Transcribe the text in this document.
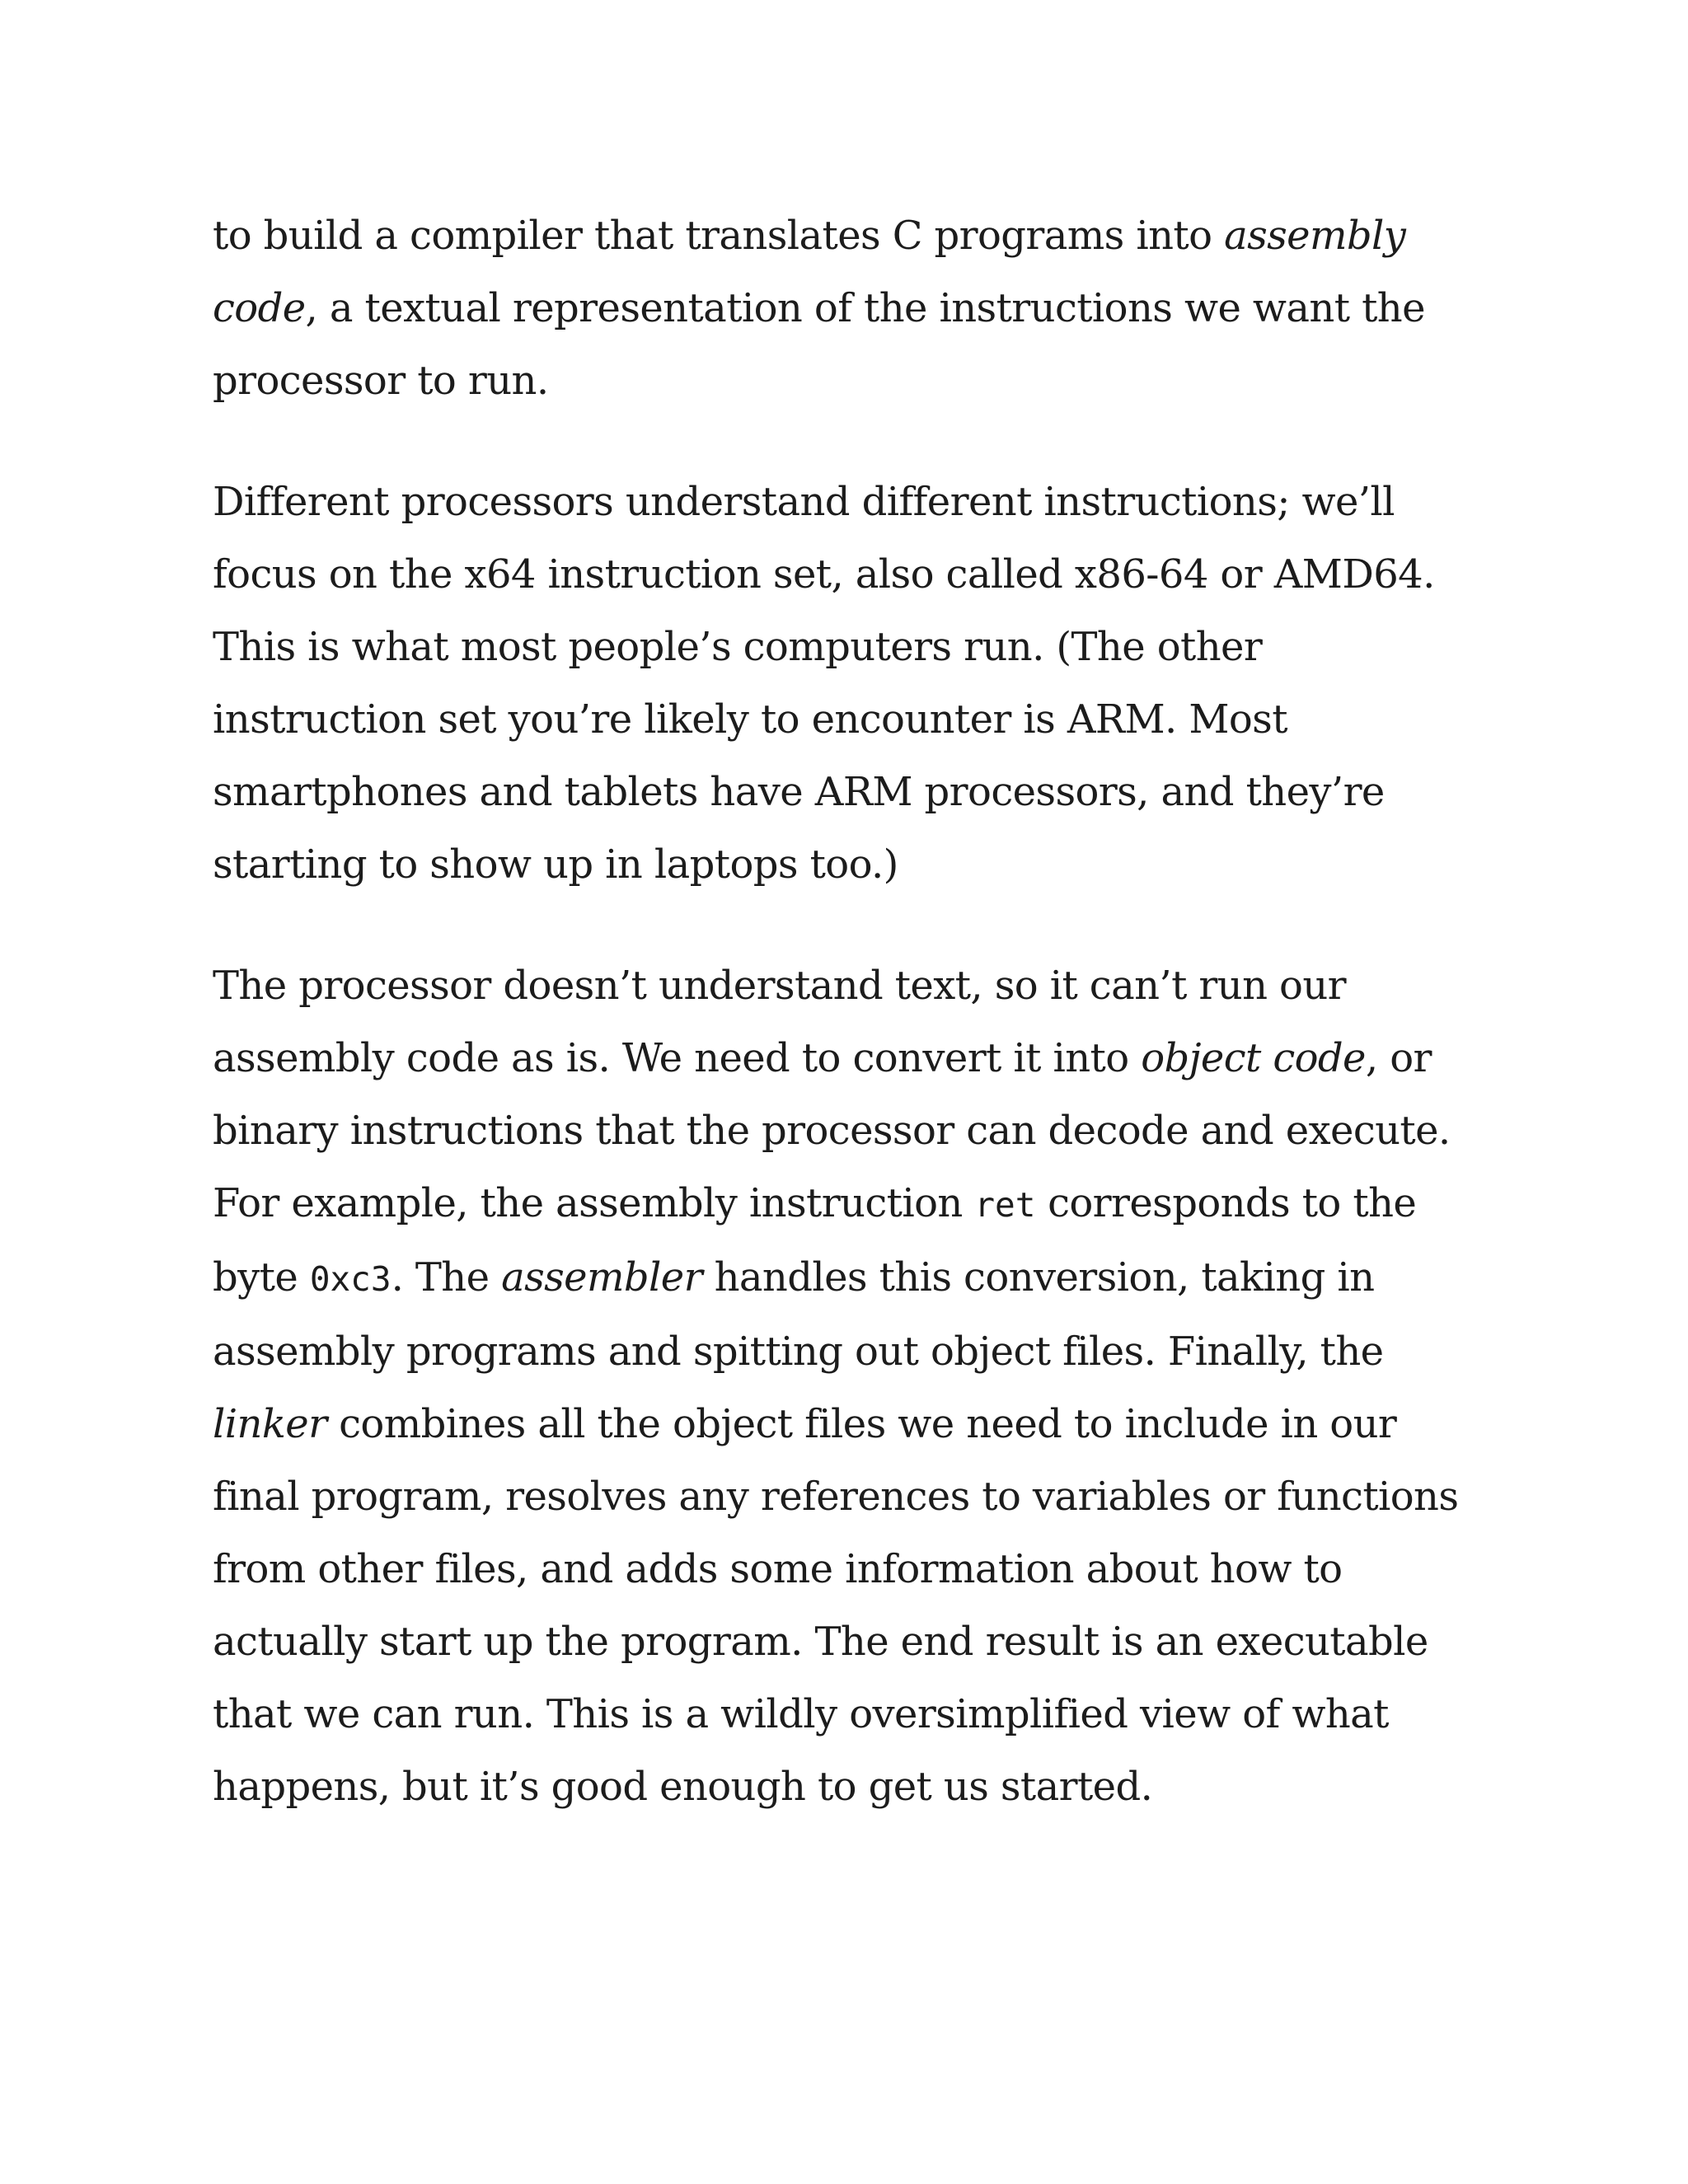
to build a compiler that translates C programs into assembly code, a textual representation of the instructions we want the processor to run.

Different processors understand different instructions; we’ll focus on the x64 instruction set, also called x86-64 or AMD64. This is what most people’s computers run. (The other instruction set you’re likely to encounter is ARM. Most smartphones and tablets have ARM processors, and they’re starting to show up in laptops too.)

The processor doesn’t understand text, so it can’t run our assembly code as is. We need to convert it into object code, or binary instructions that the processor can decode and execute. For example, the assembly instruction ret corresponds to the byte 0xc3. The assembler handles this conversion, taking in assembly programs and spitting out object files. Finally, the linker combines all the object files we need to include in our final program, resolves any references to variables or functions from other files, and adds some information about how to actually start up the program. The end result is an executable that we can run. This is a wildly oversimplified view of what happens, but it’s good enough to get us started.
